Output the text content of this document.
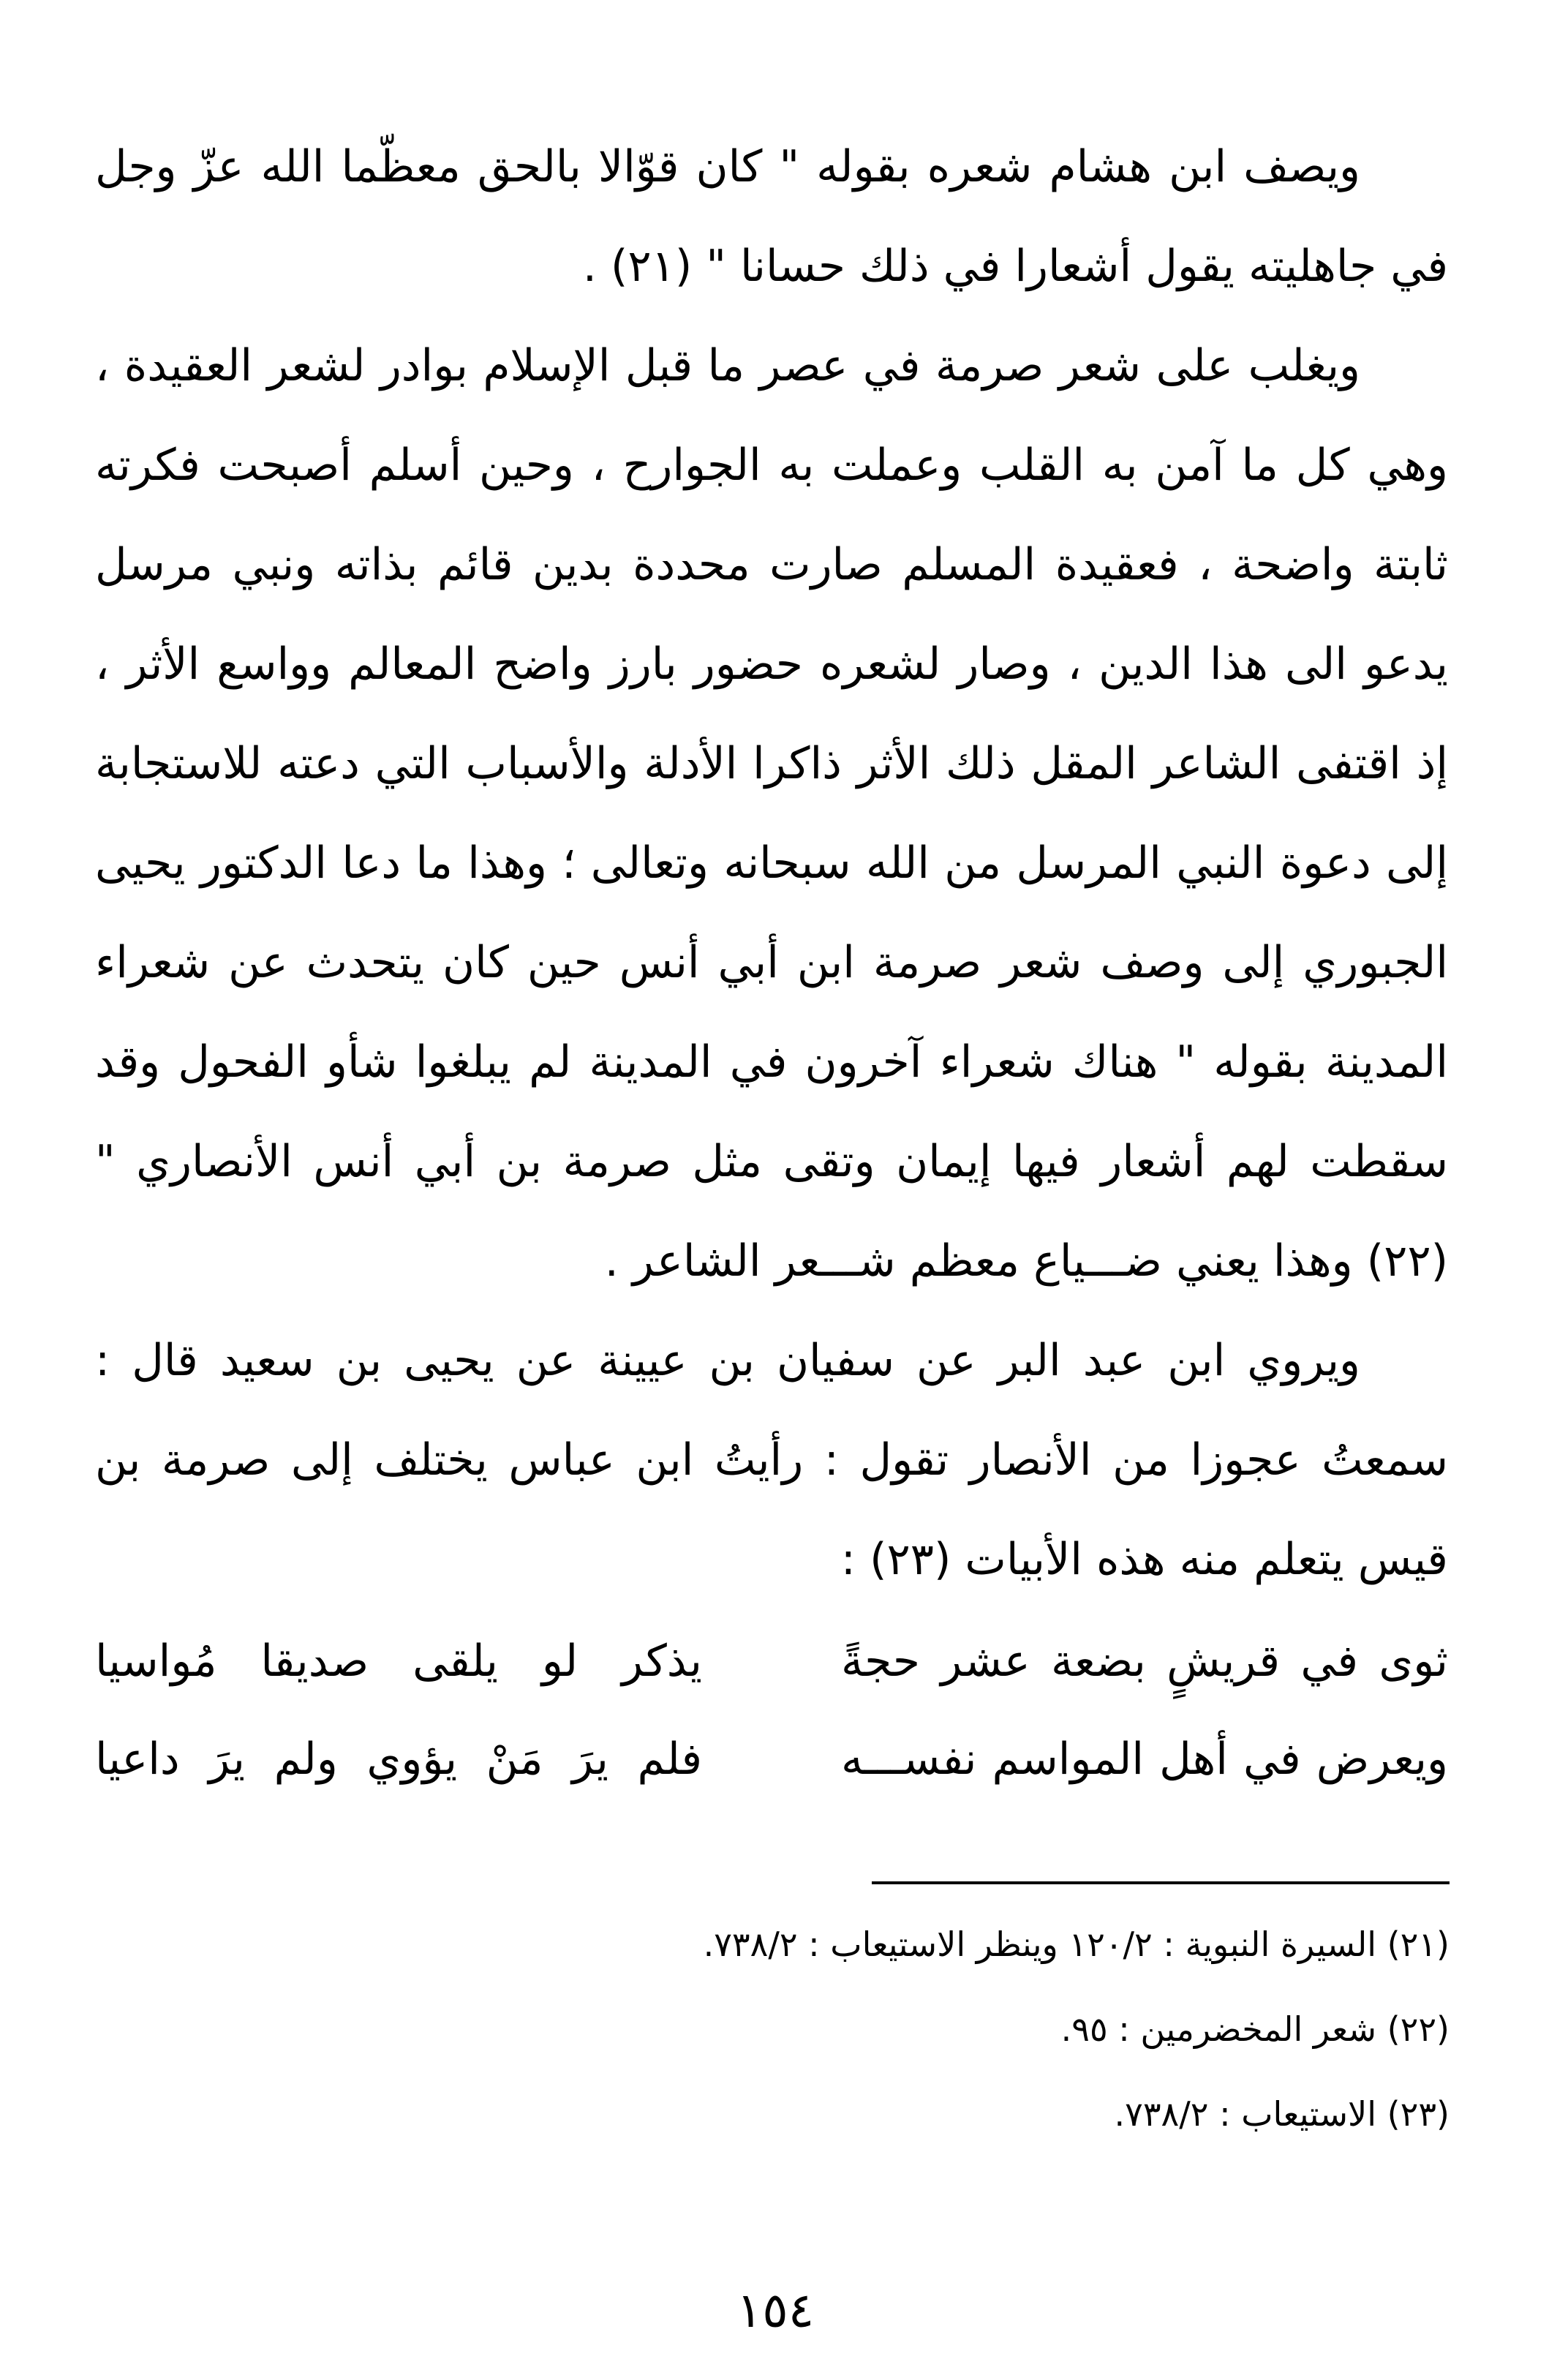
ويصف ابن هشام شعره بقوله " كان قوّالا بالحق معظّما الله عزّ وجل في جاهليته يقول أشعارا في ذلك حسانا " (٢١) .

ويغلب على شعر صرمة في عصر ما قبل الإسلام بوادر لشعر العقيدة ، وهي كل ما آمن به القلب وعملت به الجوارح ، وحين أسلم أصبحت فكرته ثابتة واضحة ، فعقيدة المسلم صارت محددة بدين قائم بذاته ونبي مرسل يدعو الى هذا الدين ، وصار لشعره حضور بارز واضح المعالم وواسع الأثر ، إذ اقتفى الشاعر المقل ذلك الأثر ذاكرا الأدلة والأسباب التي دعته للاستجابة إلى دعوة النبي المرسل من الله سبحانه وتعالى ؛ وهذا ما دعا الدكتور يحيى الجبوري إلى وصف شعر صرمة ابن أبي أنس حين كان يتحدث عن شعراء المدينة بقوله " هناك شعراء آخرون في المدينة لم يبلغوا شأو الفحول وقد سقطت لهم أشعار فيها إيمان وتقى مثل صرمة بن أبي أنس الأنصاري " (٢٢) وهذا يعني ضـــياع معظم شـــعر الشاعر .

ويروي ابن عبد البر عن سفيان بن عيينة عن يحيى بن سعيد قال : سمعتُ عجوزا من الأنصار تقول : رأيتُ ابن عباس يختلف إلى صرمة بن قيس يتعلم منه هذه الأبيات (٢٣) :

ثوى في قريشٍ بضعة عشر حجةً
يذكر لو يلقى صديقا مُواسيا
ويعرض في أهل المواسم نفســـه
فلم يرَ مَنْ يؤوي ولم يرَ داعيا

(٢١) السيرة النبوية : ١٢٠/٢ وينظر الاستيعاب : ٧٣٨/٢.

(٢٢) شعر المخضرمين : ٩٥.

(٢٣) الاستيعاب : ٧٣٨/٢.

١٥٤
